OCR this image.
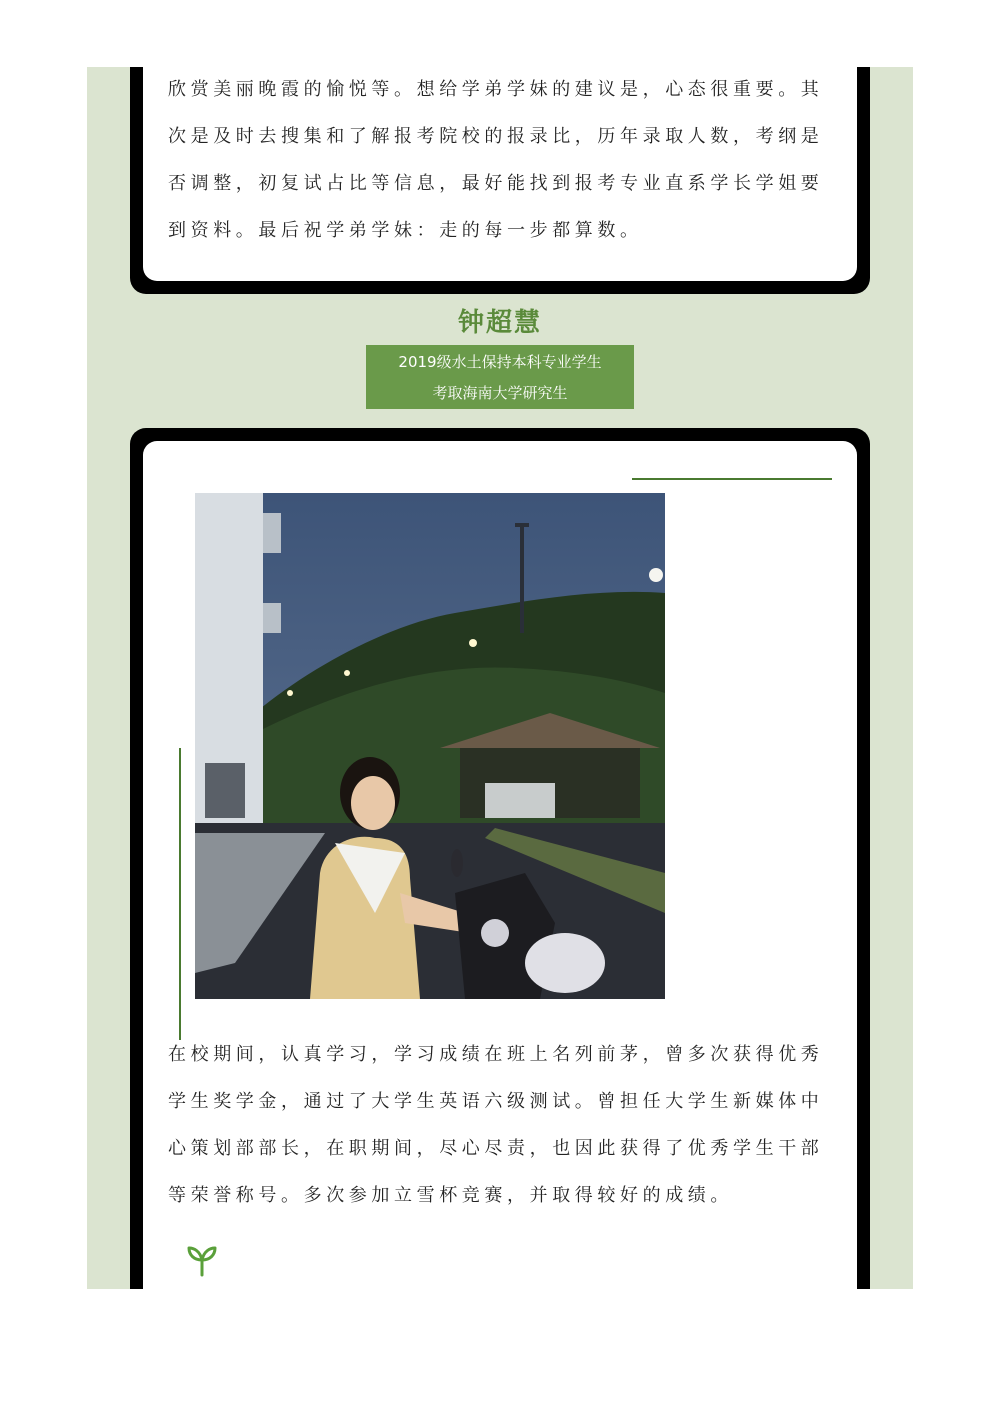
欣赏美丽晚霞的愉悦等。想给学弟学妹的建议是，心态很重要。其次是及时去搜集和了解报考院校的报录比，历年录取人数，考纲是否调整，初复试占比等信息，最好能找到报考专业直系学长学姐要到资料。最后祝学弟学妹：走的每一步都算数。

钟超慧
2019级水土保持本科专业学生
考取海南大学研究生

在校期间，认真学习，学习成绩在班上名列前茅，曾多次获得优秀学生奖学金，通过了大学生英语六级测试。曾担任大学生新媒体中心策划部部长，在职期间，尽心尽责，也因此获得了优秀学生干部等荣誉称号。多次参加立雪杯竞赛，并取得较好的成绩。
